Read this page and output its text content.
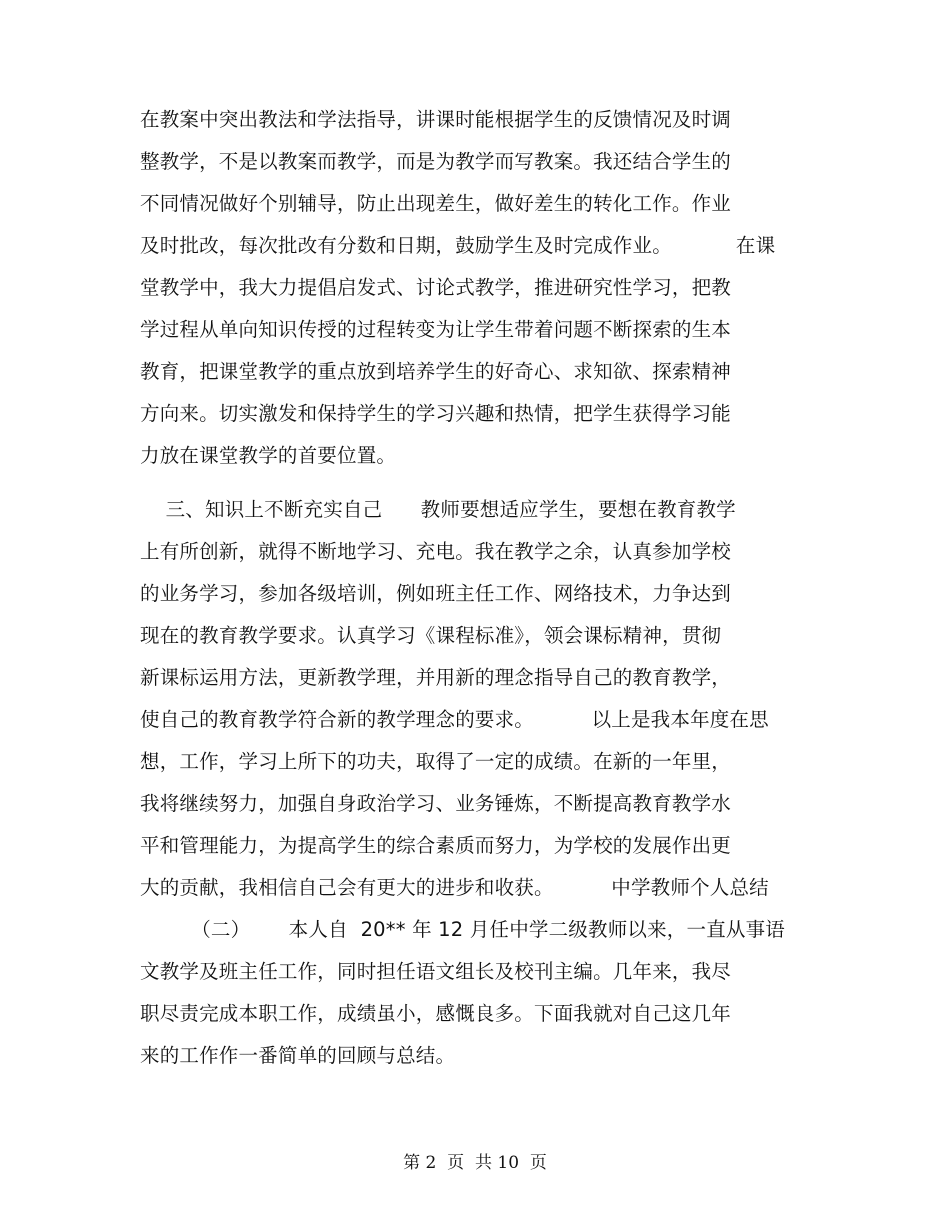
在教案中突出教法和学法指导，讲课时能根据学生的反馈情况及时调
整教学，不是以教案而教学，而是为教学而写教案。我还结合学生的
不同情况做好个别辅导，防止出现差生，做好差生的转化工作。作业
及时批改，每次批改有分数和日期，鼓励学生及时完成作业。          在课
堂教学中，我大力提倡启发式、讨论式教学，推进研究性学习，把教
学过程从单向知识传授的过程转变为让学生带着问题不断探索的生本
教育，把课堂教学的重点放到培养学生的好奇心、求知欲、探索精神
方向来。切实激发和保持学生的学习兴趣和热情，把学生获得学习能
力放在课堂教学的首要位置。
三、知识上不断充实自己      教师要想适应学生，要想在教育教学
上有所创新，就得不断地学习、充电。我在教学之余，认真参加学校
的业务学习，参加各级培训，例如班主任工作、网络技术，力争达到
现在的教育教学要求。认真学习《课程标准》，领会课标精神，贯彻
新课标运用方法，更新教学理，并用新的理念指导自己的教育教学，
使自己的教育教学符合新的教学理念的要求。         以上是我本年度在思
想，工作，学习上所下的功夫，取得了一定的成绩。在新的一年里，
我将继续努力，加强自身政治学习、业务锤炼，不断提高教育教学水
平和管理能力，为提高学生的综合素质而努力，为学校的发展作出更
大的贡献，我相信自己会有更大的进步和收获。         中学教师个人总结
（二）      本人自  20** 年 12 月任中学二级教师以来，一直从事语
文教学及班主任工作，同时担任语文组长及校刊主编。几年来，我尽
职尽责完成本职工作，成绩虽小，感慨良多。下面我就对自己这几年
来的工作作一番简单的回顾与总结。
第 2  页  共 10  页
